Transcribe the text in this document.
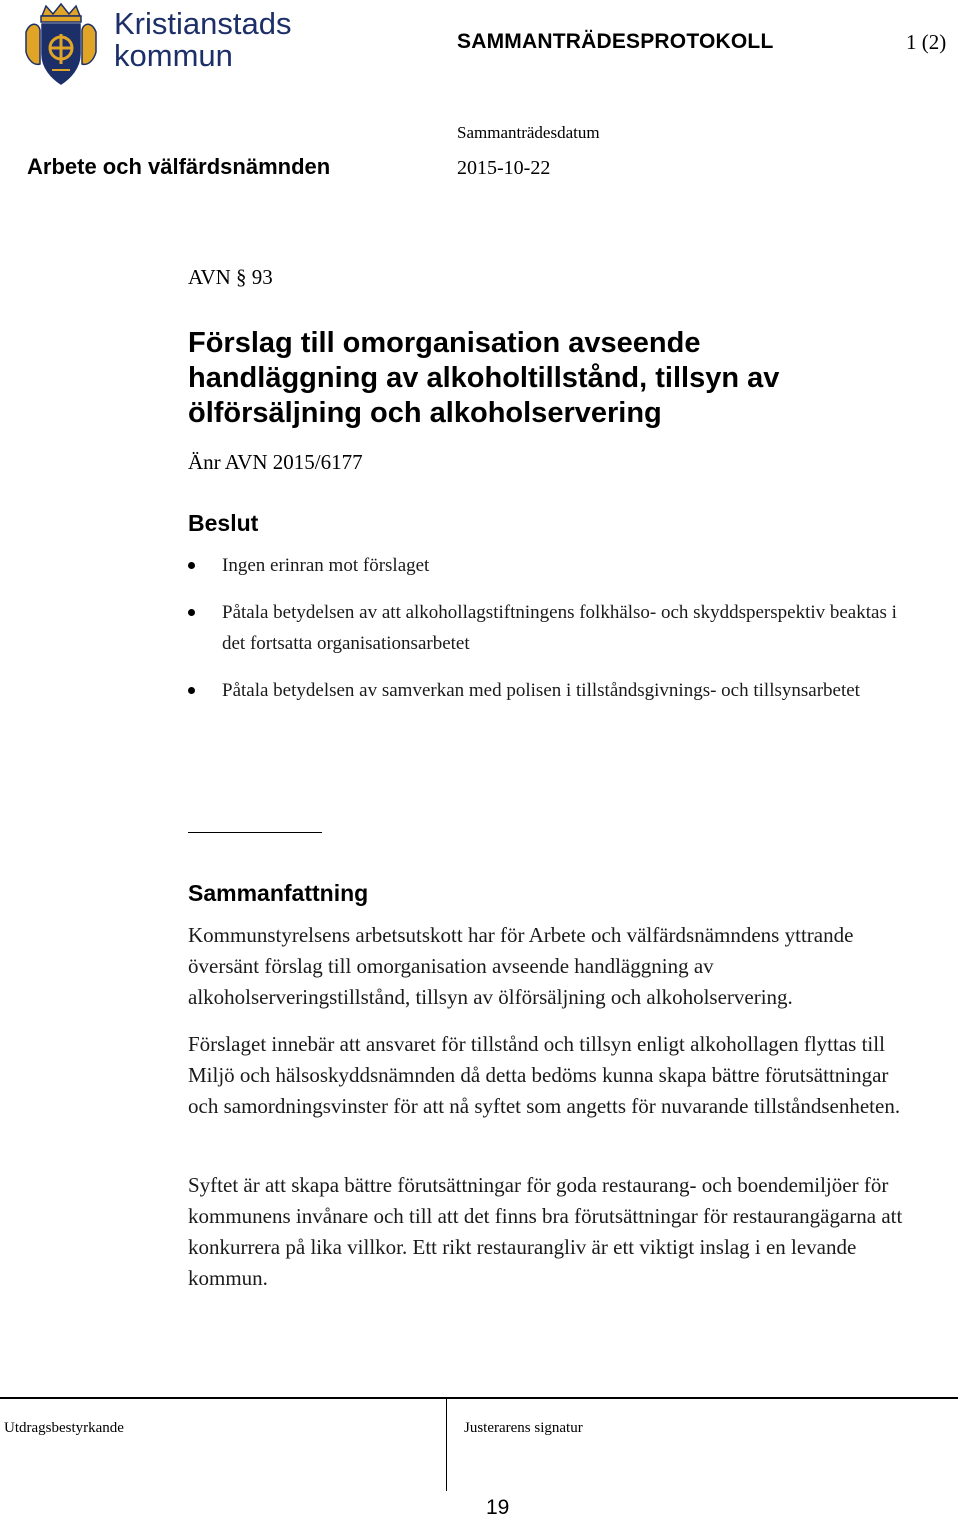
Kristianstads
kommun	SAMMANTRÄDESPROTOKOLL	1 (2)
Sammanträdesdatum
Arbete och välfärdsnämnden	2015-10-22
AVN § 93
Förslag till omorganisation avseende handläggning av alkoholtillstånd, tillsyn av ölförsäljning och alkoholservering
Änr AVN 2015/6177
Beslut
Ingen erinran mot förslaget
Påtala betydelsen av att alkohollagstiftningens folkhälso- och skyddsperspektiv beaktas i det fortsatta organisationsarbetet
Påtala betydelsen av samverkan med polisen i tillståndsgivnings- och tillsynsarbetet
Sammanfattning

Kommunstyrelsens arbetsutskott har för Arbete och välfärdsnämndens yttrande översänt förslag till omorganisation avseende handläggning av alkoholserveringstillstånd, tillsyn av ölförsäljning och alkoholservering.

Förslaget innebär att ansvaret för tillstånd och tillsyn enligt alkohollagen flyttas till Miljö och hälsoskyddsnämnden då detta bedöms kunna skapa bättre förutsättningar och samordningsvinster för att nå syftet som angetts för nuvarande tillståndsenheten.

Syftet är att skapa bättre förutsättningar för goda restaurang- och boendemiljöer för kommunens invånare och till att det finns bra förutsättningar för restaurangägarna att konkurrera på lika villkor. Ett rikt restaurangliv är ett viktigt inslag i en levande kommun.

Utdragsbestyrkande	Justerarens signatur
19
